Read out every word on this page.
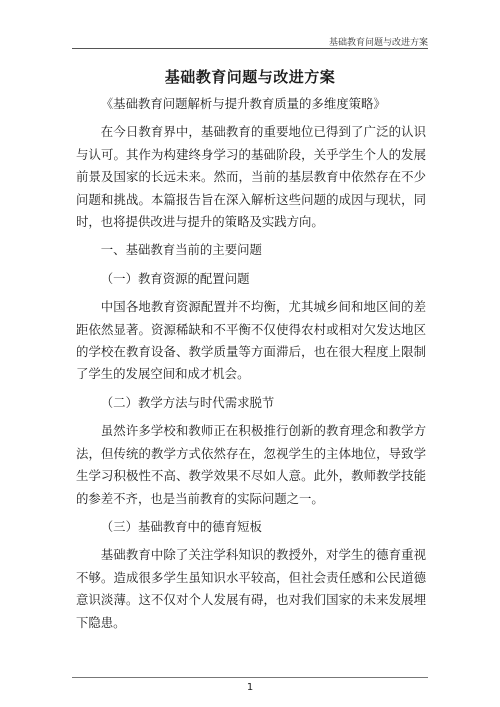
基础教育问题与改进方案
基础教育问题与改进方案

《基础教育问题解析与提升教育质量的多维度策略》

在今日教育界中，基础教育的重要地位已得到了广泛的认识与认可。其作为构建终身学习的基础阶段，关乎学生个人的发展前景及国家的长远未来。然而，当前的基层教育中依然存在不少问题和挑战。本篇报告旨在深入解析这些问题的成因与现状，同时，也将提供改进与提升的策略及实践方向。

一、基础教育当前的主要问题

（一）教育资源的配置问题

中国各地教育资源配置并不均衡，尤其城乡间和地区间的差距依然显著。资源稀缺和不平衡不仅使得农村或相对欠发达地区的学校在教育设备、教学质量等方面滞后，也在很大程度上限制了学生的发展空间和成才机会。

（二）教学方法与时代需求脱节

虽然许多学校和教师正在积极推行创新的教育理念和教学方法，但传统的教学方式依然存在，忽视学生的主体地位，导致学生学习积极性不高、教学效果不尽如人意。此外，教师教学技能的参差不齐，也是当前教育的实际问题之一。

（三）基础教育中的德育短板

基础教育中除了关注学科知识的教授外，对学生的德育重视不够。造成很多学生虽知识水平较高，但社会责任感和公民道德意识淡薄。这不仅对个人发展有碍，也对我们国家的未来发展埋下隐患。

1
